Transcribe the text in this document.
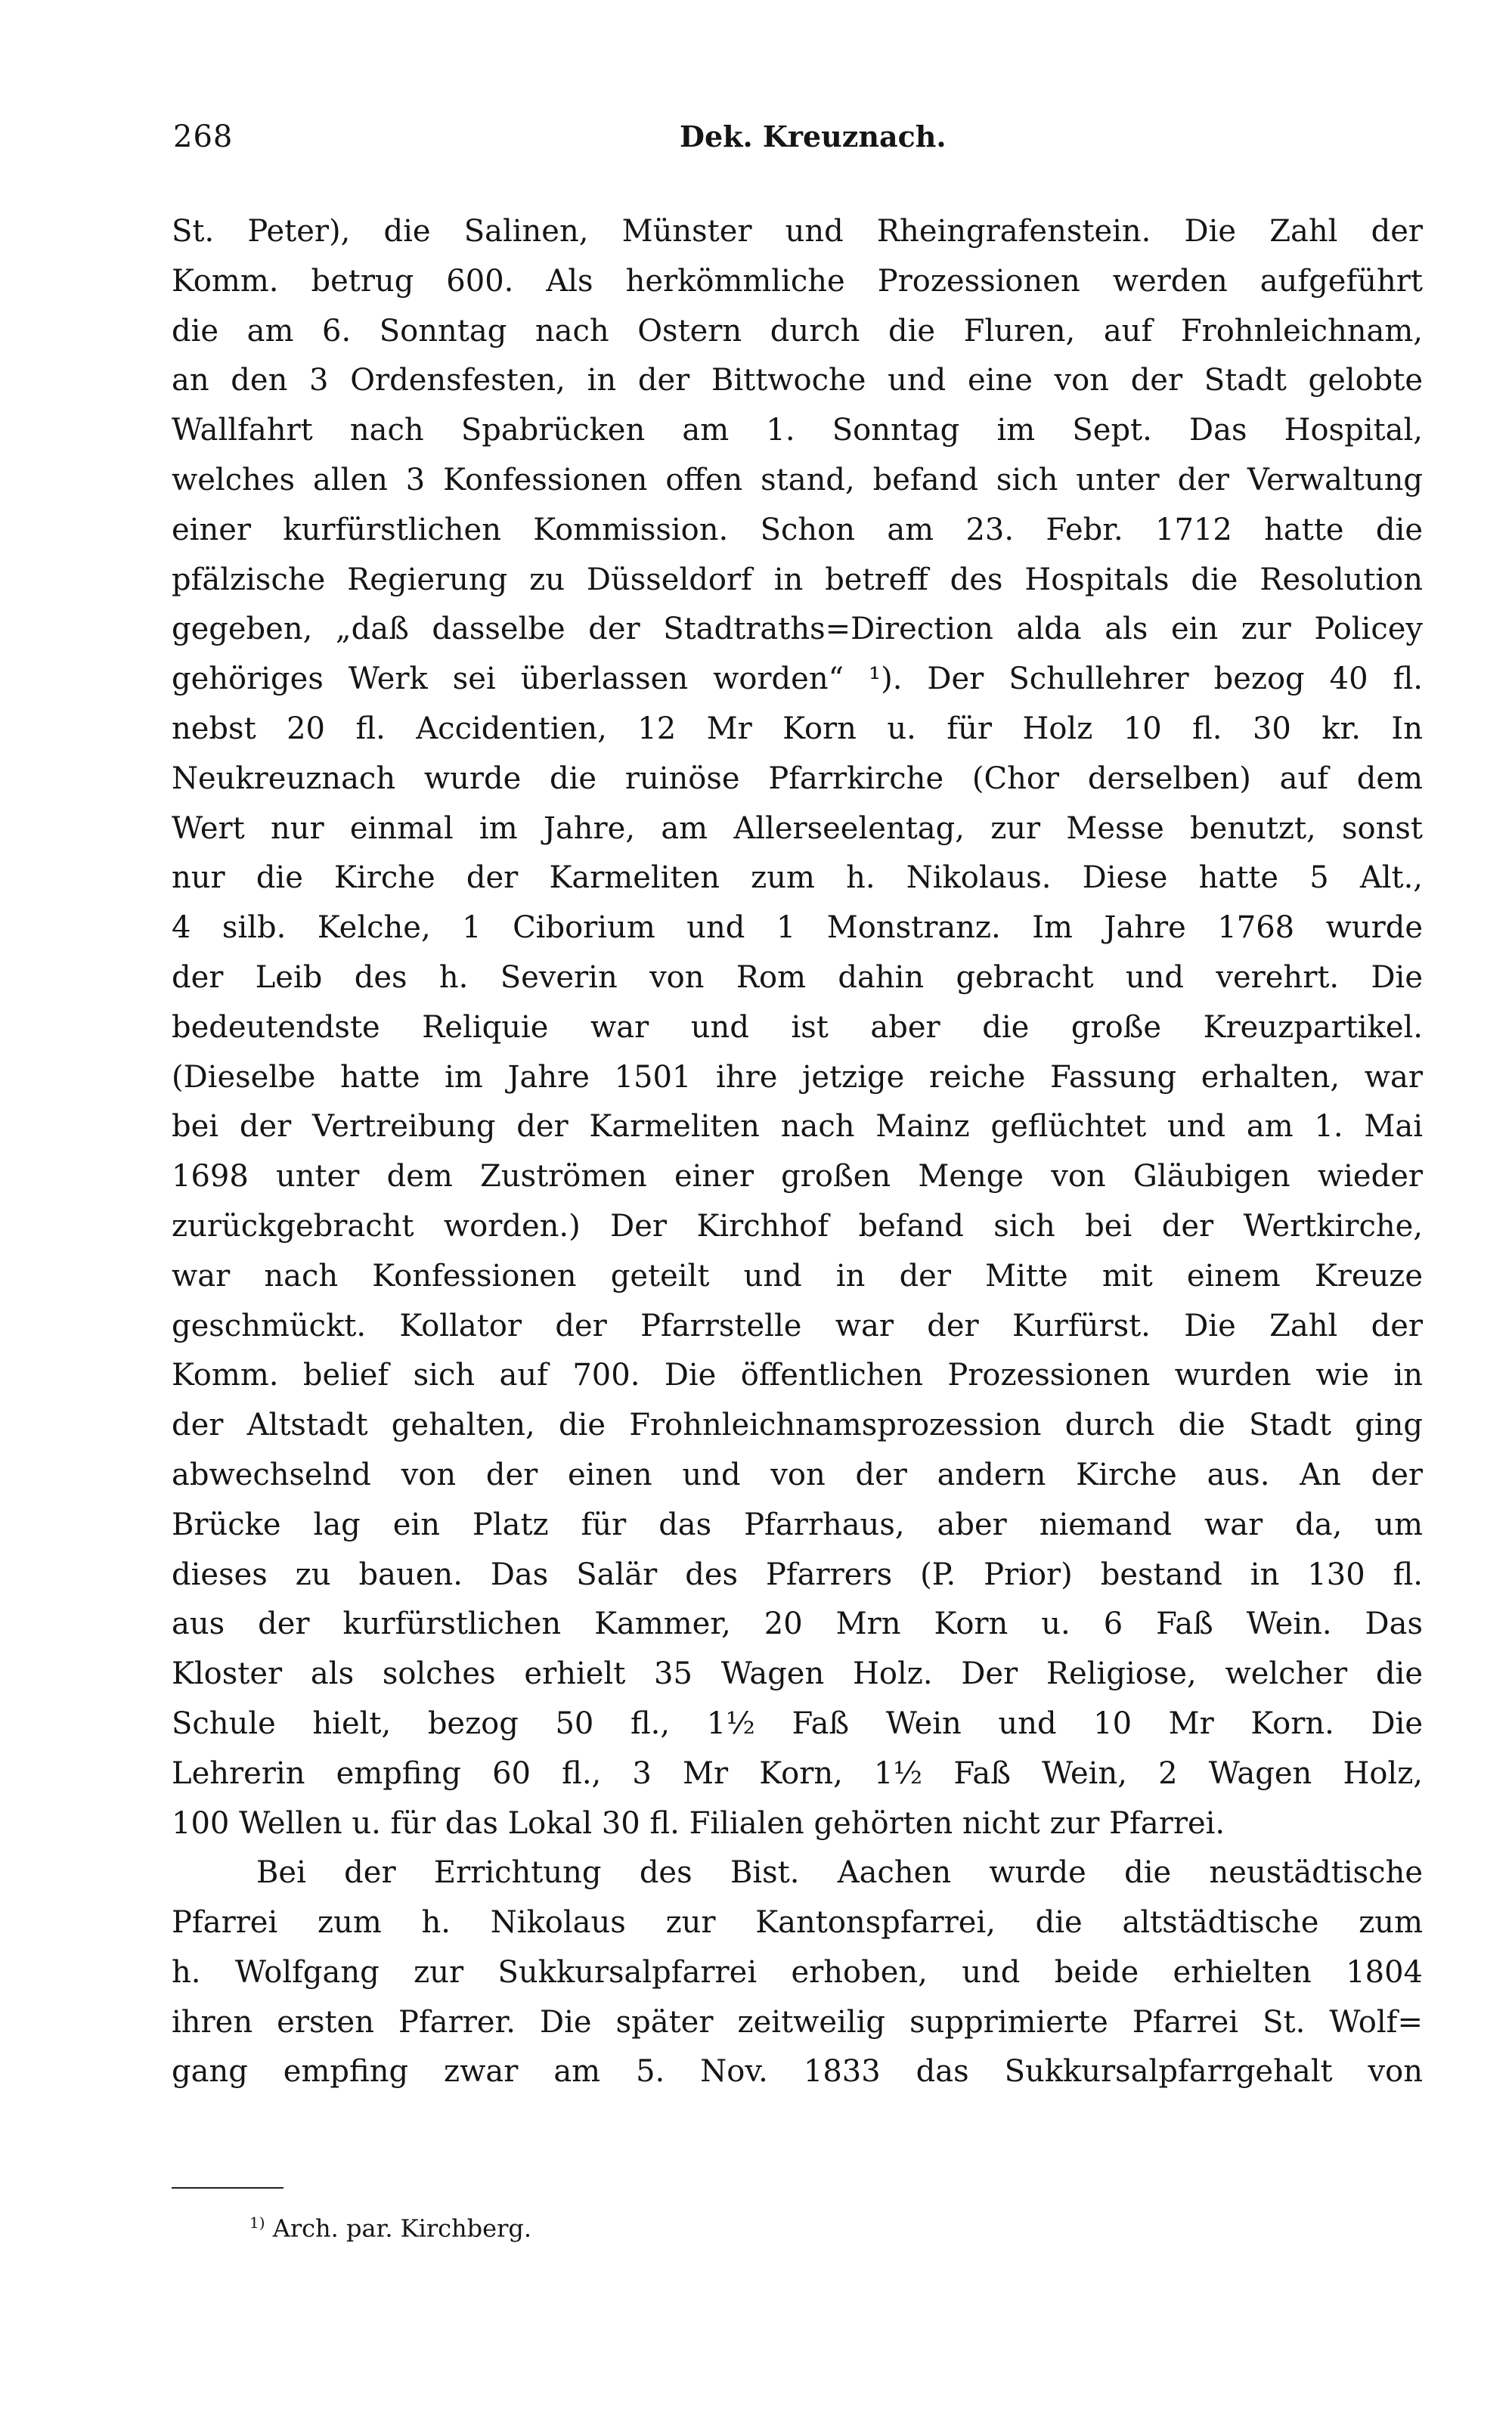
268	Dek. Kreuznach.
St. Peter), die Salinen, Münster und Rheingrafenstein. Die Zahl der
Komm. betrug 600. Als herkömmliche Prozessionen werden aufgeführt
die am 6. Sonntag nach Ostern durch die Fluren, auf Frohnleichnam,
an den 3 Ordensfesten, in der Bittwoche und eine von der Stadt gelobte
Wallfahrt nach Spabrücken am 1. Sonntag im Sept. Das Hospital,
welches allen 3 Konfessionen offen stand, befand sich unter der Verwaltung
einer kurfürstlichen Kommission. Schon am 23. Febr. 1712 hatte die
pfälzische Regierung zu Düsseldorf in betreff des Hospitals die Resolution
gegeben, „daß dasselbe der Stadtraths=Direction alda als ein zur Policey
gehöriges Werk sei überlassen worden“ ¹). Der Schullehrer bezog 40 fl.
nebst 20 fl. Accidentien, 12 Mr Korn u. für Holz 10 fl. 30 kr. In
Neukreuznach wurde die ruinöse Pfarrkirche (Chor derselben) auf dem
Wert nur einmal im Jahre, am Allerseelentag, zur Messe benutzt, sonst
nur die Kirche der Karmeliten zum h. Nikolaus. Diese hatte 5 Alt.,
4 silb. Kelche, 1 Ciborium und 1 Monstranz. Im Jahre 1768 wurde
der Leib des h. Severin von Rom dahin gebracht und verehrt. Die
bedeutendste Reliquie war und ist aber die große Kreuzpartikel.
(Dieselbe hatte im Jahre 1501 ihre jetzige reiche Fassung erhalten, war
bei der Vertreibung der Karmeliten nach Mainz geflüchtet und am 1. Mai
1698 unter dem Zuströmen einer großen Menge von Gläubigen wieder
zurückgebracht worden.) Der Kirchhof befand sich bei der Wertkirche,
war nach Konfessionen geteilt und in der Mitte mit einem Kreuze
geschmückt. Kollator der Pfarrstelle war der Kurfürst. Die Zahl der
Komm. belief sich auf 700. Die öffentlichen Prozessionen wurden wie in
der Altstadt gehalten, die Frohnleichnamsprozession durch die Stadt ging
abwechselnd von der einen und von der andern Kirche aus. An der
Brücke lag ein Platz für das Pfarrhaus, aber niemand war da, um
dieses zu bauen. Das Salär des Pfarrers (P. Prior) bestand in 130 fl.
aus der kurfürstlichen Kammer, 20 Mrn Korn u. 6 Faß Wein. Das
Kloster als solches erhielt 35 Wagen Holz. Der Religiose, welcher die
Schule hielt, bezog 50 fl., 1½ Faß Wein und 10 Mr Korn. Die
Lehrerin empfing 60 fl., 3 Mr Korn, 1½ Faß Wein, 2 Wagen Holz,
100 Wellen u. für das Lokal 30 fl. Filialen gehörten nicht zur Pfarrei.
Bei der Errichtung des Bist. Aachen wurde die neustädtische
Pfarrei zum h. Nikolaus zur Kantonspfarrei, die altstädtische zum
h. Wolfgang zur Sukkursalpfarrei erhoben, und beide erhielten 1804
ihren ersten Pfarrer. Die später zeitweilig supprimierte Pfarrei St. Wolf=
gang empfing zwar am 5. Nov. 1833 das Sukkursalpfarrgehalt von
$^{1)}$ Arch. par. Kirchberg.
